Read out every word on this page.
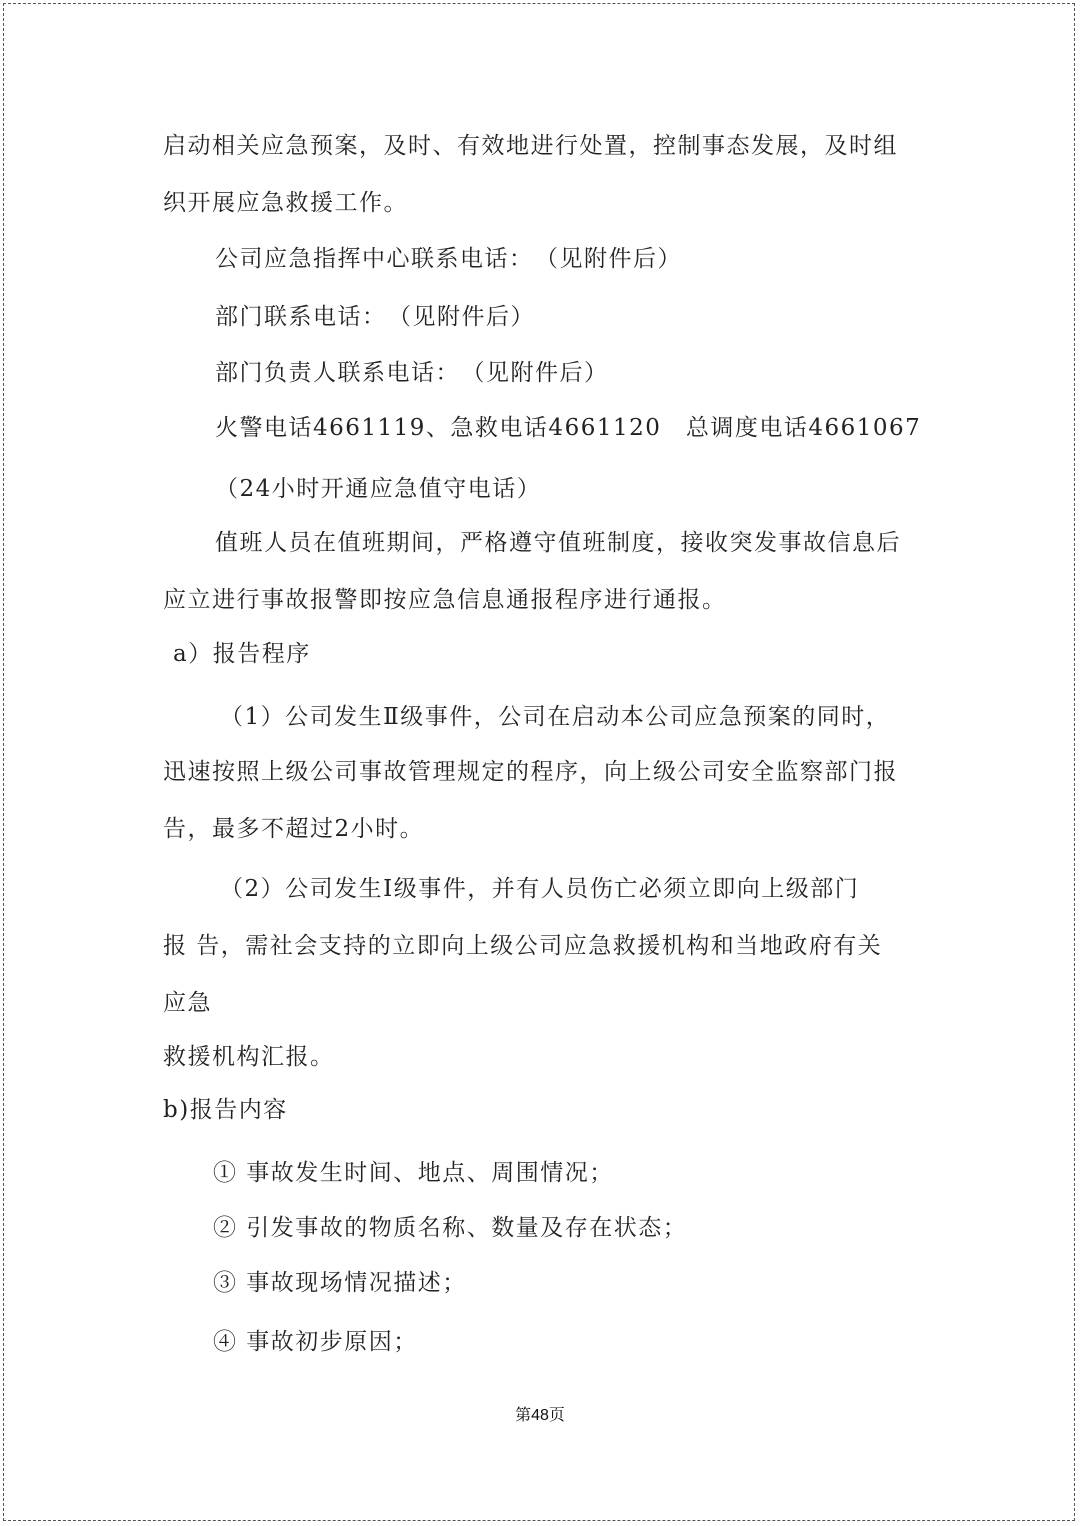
启动相关应急预案，及时、有效地进行处置，控制事态发展，及时组
织开展应急救援工作。
公司应急指挥中心联系电话：　（见附件后）
部门联系电话：　（见附件后）
部门负责人联系电话：　（见附件后）
火警电话4661119、急救电话4661120　总调度电话4661067
（24小时开通应急值守电话）
值班人员在值班期间，严格遵守值班制度，接收突发事故信息后
应立进行事故报警即按应急信息通报程序进行通报。
a）报告程序
（1）公司发生Ⅱ级事件，公司在启动本公司应急预案的同时，
迅速按照上级公司事故管理规定的程序，向上级公司安全监察部门报
告，最多不超过2小时。
（2）公司发生Ⅰ级事件，并有人员伤亡必须立即向上级部门
报 告，需社会支持的立即向上级公司应急救援机构和当地政府有关
应急
救援机构汇报。
b)报告内容
① 事故发生时间、地点、周围情况；
② 引发事故的物质名称、数量及存在状态；
③ 事故现场情况描述；
④ 事故初步原因；
第48页
